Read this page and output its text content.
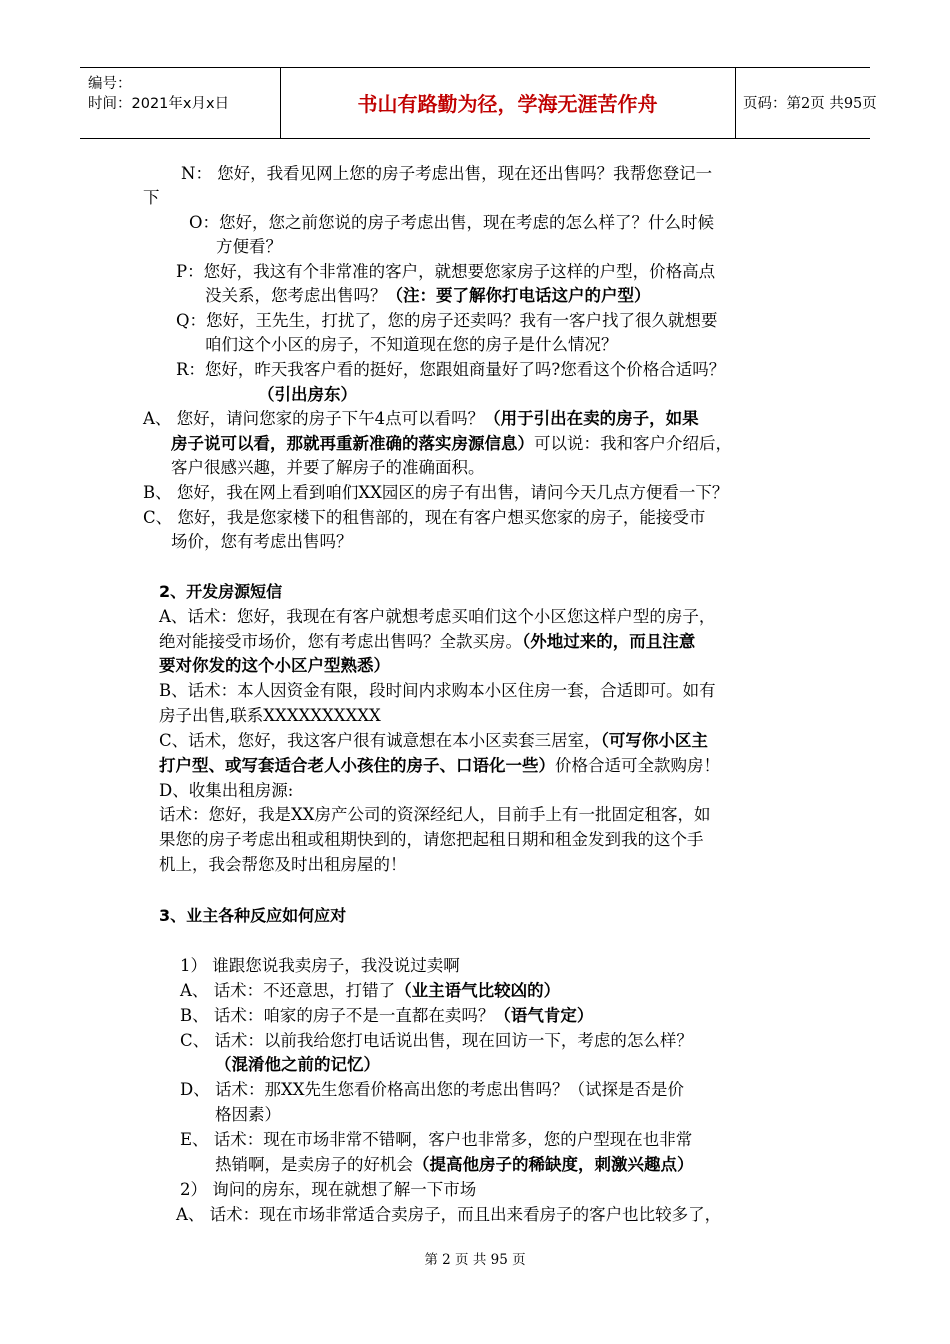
编号：
时间：2021年x月x日	书山有路勤为径，学海无涯苦作舟	页码：第2页 共95页
N： 您好，我看见网上您的房子考虑出售，现在还出售吗？我帮您登记一
下
O：您好，您之前您说的房子考虑出售，现在考虑的怎么样了？什么时候
方便看？
P：您好，我这有个非常准的客户，就想要您家房子这样的户型，价格高点
没关系，您考虑出售吗？（注：要了解你打电话这户的户型）
Q：您好，王先生，打扰了，您的房子还卖吗？我有一客户找了很久就想要
咱们这个小区的房子，不知道现在您的房子是什么情况？
R：您好，昨天我客户看的挺好，您跟姐商量好了吗?您看这个价格合适吗？
（引出房东）
A、 您好，请问您家的房子下午4点可以看吗？（用于引出在卖的房子，如果
房子说可以看，那就再重新准确的落实房源信息）可以说：我和客户介绍后，
客户很感兴趣，并要了解房子的准确面积。
B、 您好，我在网上看到咱们XX园区的房子有出售，请问今天几点方便看一下？
C、 您好，我是您家楼下的租售部的，现在有客户想买您家的房子，能接受市
场价，您有考虑出售吗？
2、开发房源短信
A、话术：您好，我现在有客户就想考虑买咱们这个小区您这样户型的房子，
绝对能接受市场价，您有考虑出售吗？全款买房。（外地过来的，而且注意
要对你发的这个小区户型熟悉）
B、话术：本人因资金有限，段时间内求购本小区住房一套，合适即可。如有
房子出售,联系XXXXXXXXXX
C、话术，您好，我这客户很有诚意想在本小区卖套三居室，（可写你小区主
打户型、或写套适合老人小孩住的房子、口语化一些）价格合适可全款购房！
D、收集出租房源:
话术：您好，我是XX房产公司的资深经纪人，目前手上有一批固定租客，如
果您的房子考虑出租或租期快到的，请您把起租日期和租金发到我的这个手
机上，我会帮您及时出租房屋的！
3、业主各种反应如何应对
1） 谁跟您说我卖房子，我没说过卖啊
A、 话术：不还意思，打错了（业主语气比较凶的）
B、 话术：咱家的房子不是一直都在卖吗？（语气肯定）
C、 话术：以前我给您打电话说出售，现在回访一下，考虑的怎么样？
（混淆他之前的记忆）
D、 话术：那XX先生您看价格高出您的考虑出售吗？（试探是否是价
格因素）
E、 话术：现在市场非常不错啊，客户也非常多，您的户型现在也非常
热销啊，是卖房子的好机会（提高他房子的稀缺度，刺激兴趣点）
2） 询问的房东，现在就想了解一下市场
A、 话术：现在市场非常适合卖房子，而且出来看房子的客户也比较多了，
第 2 页 共 95 页
